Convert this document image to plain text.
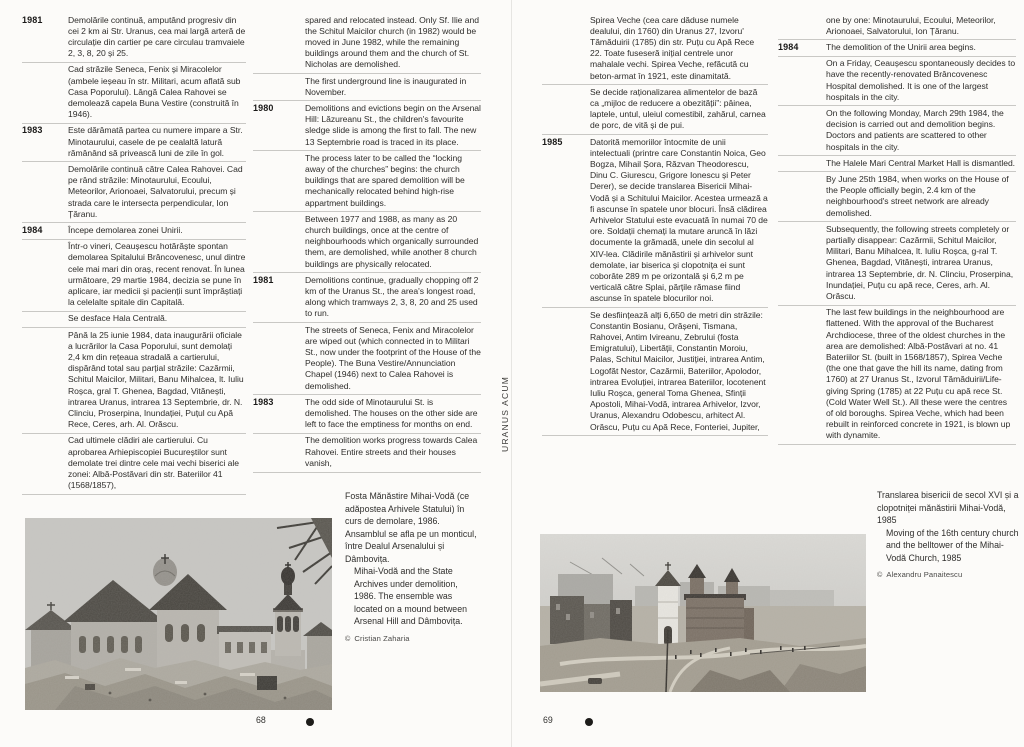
1981	Demolările continuă, amputând progresiv din cei 2 km ai Str. Uranus, cea mai largă arteră de circulație din cartier pe care circulau tramvaiele 2, 3, 8, 20 și 25.
Cad străzile Seneca, Fenix și Miracolelor (ambele ieșeau în str. Militari, acum aflată sub Casa Poporului). Lângă Calea Rahovei se demolează capela Buna Vestire (construită în 1946).
1983	Este dărâmată partea cu numere impare a Str. Minotaurului, casele de pe cealaltă latură rămânând să privească luni de zile în gol.
Demolările continuă către Calea Rahovei. Cad pe rând străzile: Minotaurului, Ecoului, Meteorilor, Arionoaei, Salvatorului, precum și strada care le intersecta perpendicular, Ion Țăranu.
1984	Începe demolarea zonei Unirii.
Într-o vineri, Ceaușescu hotărăște spontan demolarea Spitalului Brâncovenesc, unul dintre cele mai mari din oraș, recent renovat. În lunea următoare, 29 martie 1984, decizia se pune în aplicare, iar medicii și pacienții sunt împrăștiați la celelalte spitale din Capitală.
Se desface Hala Centrală.
Până la 25 iunie 1984, data inaugurării oficiale a lucrărilor la Casa Poporului, sunt demolați 2,4 km din rețeaua stradală a cartierului, dispărând total sau parțial străzile: Cazărmii, Schitul Maicilor, Militari, Banu Mihalcea, lt. Iuliu Roșca, gral T. Ghenea, Bagdad, Vitănești, intrarea Uranus, intrarea 13 Septembrie, dr. N. Clinciu, Proserpina, Inundației, Puțul cu Apă Rece, Ceres, arh. Al. Orăscu.
Cad ultimele clădiri ale cartierului. Cu aprobarea Arhiepiscopiei Bucureștilor sunt demolate trei dintre cele mai vechi biserici ale zonei: Albă-Postăvari din str. Bateriilor 41 (1568/1857),
spared and relocated instead. Only Sf. Ilie and the Schitul Maicilor church (in 1982) would be moved in June 1982, while the remaining buildings around them and the church of St. Nicholas are demolished.
The first underground line is inaugurated in November.
1980	Demolitions and evictions begin on the Arsenal Hill: Lăzureanu St., the children's favourite sledge slide is among the first to fall. The new 13 Septembrie road is traced in its place.
The process later to be called the “locking away of the churches” begins: the church buildings that are spared demolition will be mechanically relocated behind high-rise appartment buildings.
Between 1977 and 1988, as many as 20 church buildings, once at the centre of neighbourhoods which organically surrounded them, are demolished, while another 8 church buildings are physically relocated.
1981	Demolitions continue, gradually chopping off 2 km of the Uranus St., the area's longest road, along which tramways 2, 3, 8, 20 and 25 used to run.
The streets of Seneca, Fenix and Miracolelor are wiped out (which connected in to Militari St., now under the footprint of the House of the People). The Buna Vestire/Annunciation Chapel (1946) next to Calea Rahovei is demolished.
1983	The odd side of Minotaurului St. is demolished. The houses on the other side are left to face the emptiness for months on end.
The demolition works progress towards Calea Rahovei. Entire streets and their houses vanish,
Spirea Veche (cea care dăduse numele dealului, din 1760) din Uranus 27, Izvoru' Tămăduirii (1785) din str. Puțu cu Apă Rece 22. Toate fuseseră inițial centrele unor mahalale vechi. Spirea Veche, refăcută cu beton-armat în 1921, este dinamitată.
Se decide raționalizarea alimentelor de bază ca „mijloc de reducere a obezității”: pâinea, laptele, untul, uleiul comestibil, zahărul, carnea de porc, de vită și de pui.
1985	Datorită memoriilor întocmite de unii intelectuali (printre care Constantin Noica, Geo Bogza, Mihail Șora, Răzvan Theodorescu, Dinu C. Giurescu, Grigore Ionescu și Peter Derer), se decide translarea Bisericii Mihai-Vodă și a Schitului Maicilor. Acestea urmează a fi ascunse în spatele unor blocuri. Însă clădirea Arhivelor Statului este evacuată în numai 70 de ore. Soldații chemați la mutare aruncă în lăzi documente la grămadă, unele din secolul al XIV-lea. Clădirile mănăstirii și arhivelor sunt demolate, iar biserica și clopotnița ei sunt coborâte 289 m pe orizontală și 6,2 m pe verticală către Splai, părțile rămase fiind ascunse în spatele blocurilor noi.
Se desființează alți 6,650 de metri din străzile: Constantin Bosianu, Orășeni, Tismana, Rahovei, Antim Ivireanu, Zebrului (fosta Emigratului), Libertății, Constantin Moroiu, Palas, Schitul Maicilor, Justiției, intrarea Antim, Logofăt Nestor, Cazărmii, Bateriilor, Apolodor, intrarea Evoluției, intrarea Bateriilor, locotenent Iuliu Roșca, general Toma Ghenea, Sfinții Apostoli, Mihai-Vodă, intrarea Arhivelor, Izvor, Uranus, Alexandru Odobescu, arhitect Al. Orăscu, Puțu cu Apă Rece, Fonteriei, Jupiter,
one by one: Minotaurului, Ecoului, Meteorilor, Arionoaei, Salvatorului, Ion Țăranu.
1984	The demolition of the Unirii area begins.
On a Friday, Ceaușescu spontaneously decides to have the recently-renovated Brâncovenesc Hospital demolished. It is one of the largest hospitals in the city.
On the following Monday, March 29th 1984, the decision is carried out and demolition begins. Doctors and patients are scattered to other hospitals in the city.
The Halele Mari Central Market Hall is dismantled.
By June 25th 1984, when works on the House of the People officially begin, 2.4 km of the neighbourhood's street network are already demolished.
Subsequently, the following streets completely or partially disappear: Cazărmii, Schitul Maicilor, Militari, Banu Mihalcea, lt. Iuliu Roșca, g-ral T. Ghenea, Bagdad, Vitănești, intrarea Uranus, intrarea 13 Septembrie, dr. N. Clinciu, Proserpina, Inundației, Puțu cu apă rece, Ceres, arh. Al. Orăscu.
The last few buildings in the neighbourhood are flattened. With the approval of the Bucharest Archdiocese, three of the oldest churches in the area are demolished: Albă-Postăvari at no. 41 Bateriilor St. (built in 1568/1857), Spirea Veche (the one that gave the hill its name, dating from 1760) at 27 Uranus St., Izvorul Tămăduirii/Life-giving Spring (1785) at 22 Puțu cu apă rece St. (Cold Water Well St.). All these were the centres of old boroughs. Spirea Veche, which had been rebuilt in reinforced concrete in 1921, is blown up with dynamite.
URANUS ACUM
Fosta Mănăstire Mihai-Vodă (ce adăpostea Arhivele Statului) în curs de demolare, 1986. Ansamblul se afla pe un monticul, între Dealul Arsenalului și Dâmbovița.
Mihai-Vodă and the State Archives under demolition, 1986. The ensemble was located on a mound between Arsenal Hill and Dâmbovița.
© Cristian Zaharia
Translarea bisericii de secol XVI și a clopotniței mănăstirii Mihai-Vodă, 1985
Moving of the 16th century church and the belltower of the Mihai-Vodă Church, 1985
© Alexandru Panaitescu
68	69
